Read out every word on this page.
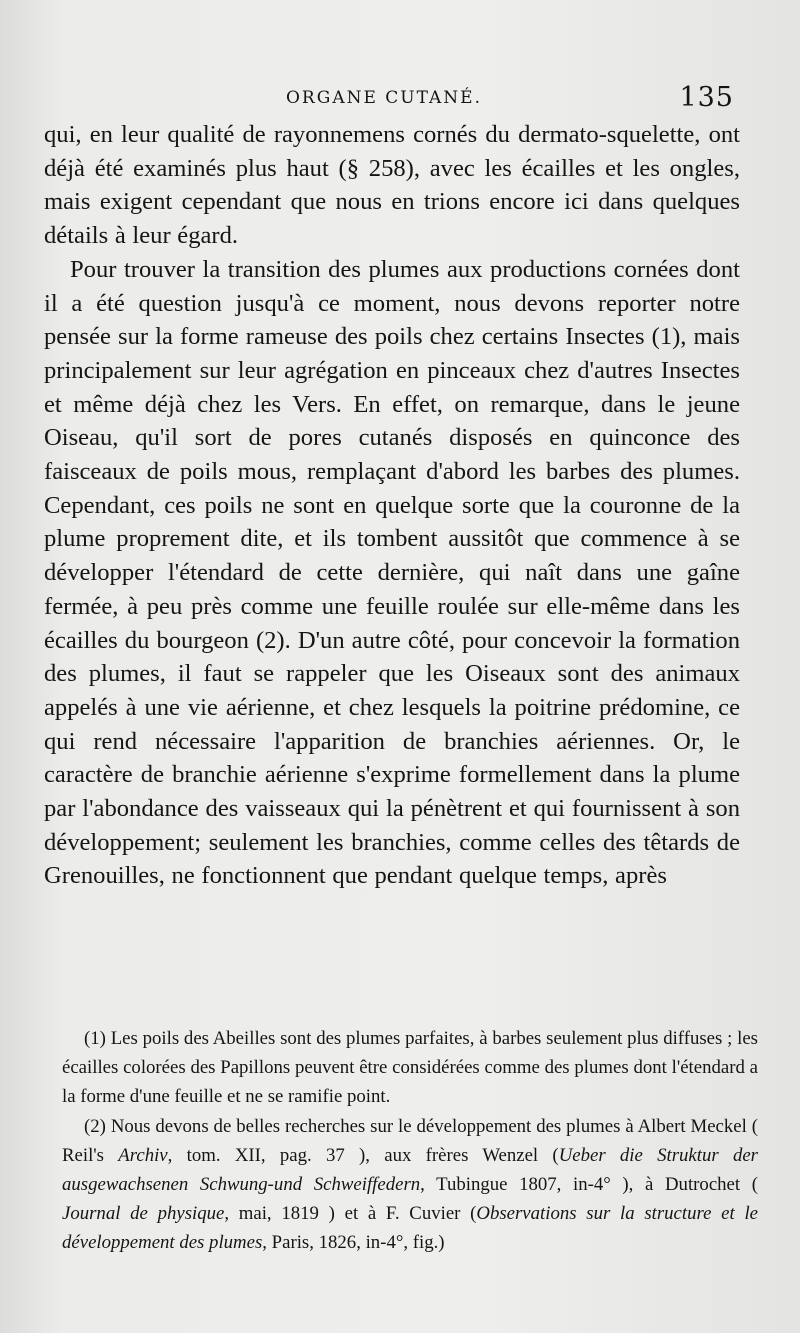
ORGANE CUTANÉ.	135

qui, en leur qualité de rayonnemens cornés du dermato-squelette, ont déjà été examinés plus haut (§ 258), avec les écailles et les ongles, mais exigent cependant que nous en trions encore ici dans quelques détails à leur égard.

Pour trouver la transition des plumes aux productions cornées dont il a été question jusqu'à ce moment, nous devons reporter notre pensée sur la forme rameuse des poils chez certains Insectes (1), mais principalement sur leur agrégation en pinceaux chez d'autres Insectes et même déjà chez les Vers. En effet, on remarque, dans le jeune Oiseau, qu'il sort de pores cutanés disposés en quinconce des faisceaux de poils mous, remplaçant d'abord les barbes des plumes. Cependant, ces poils ne sont en quelque sorte que la couronne de la plume proprement dite, et ils tombent aussitôt que commence à se développer l'étendard de cette dernière, qui naît dans une gaîne fermée, à peu près comme une feuille roulée sur elle-même dans les écailles du bourgeon (2). D'un autre côté, pour concevoir la formation des plumes, il faut se rappeler que les Oiseaux sont des animaux appelés à une vie aérienne, et chez lesquels la poitrine prédomine, ce qui rend nécessaire l'apparition de branchies aériennes. Or, le caractère de branchie aérienne s'exprime formellement dans la plume par l'abondance des vaisseaux qui la pénètrent et qui fournissent à son développement; seulement les branchies, comme celles des têtards de Grenouilles, ne fonctionnent que pendant quelque temps, après

(1) Les poils des Abeilles sont des plumes parfaites, à barbes seulement plus diffuses ; les écailles colorées des Papillons peuvent être considérées comme des plumes dont l'étendard a la forme d'une feuille et ne se ramifie point.

(2) Nous devons de belles recherches sur le développement des plumes à Albert Meckel ( Reil's Archiv, tom. XII, pag. 37 ), aux frères Wenzel (Ueber die Struktur der ausgewachsenen Schwung-und Schweiffedern, Tubingue 1807, in-4° ), à Dutrochet ( Journal de physique, mai, 1819 ) et à F. Cuvier (Observations sur la structure et le développement des plumes, Paris, 1826, in-4°, fig.)
